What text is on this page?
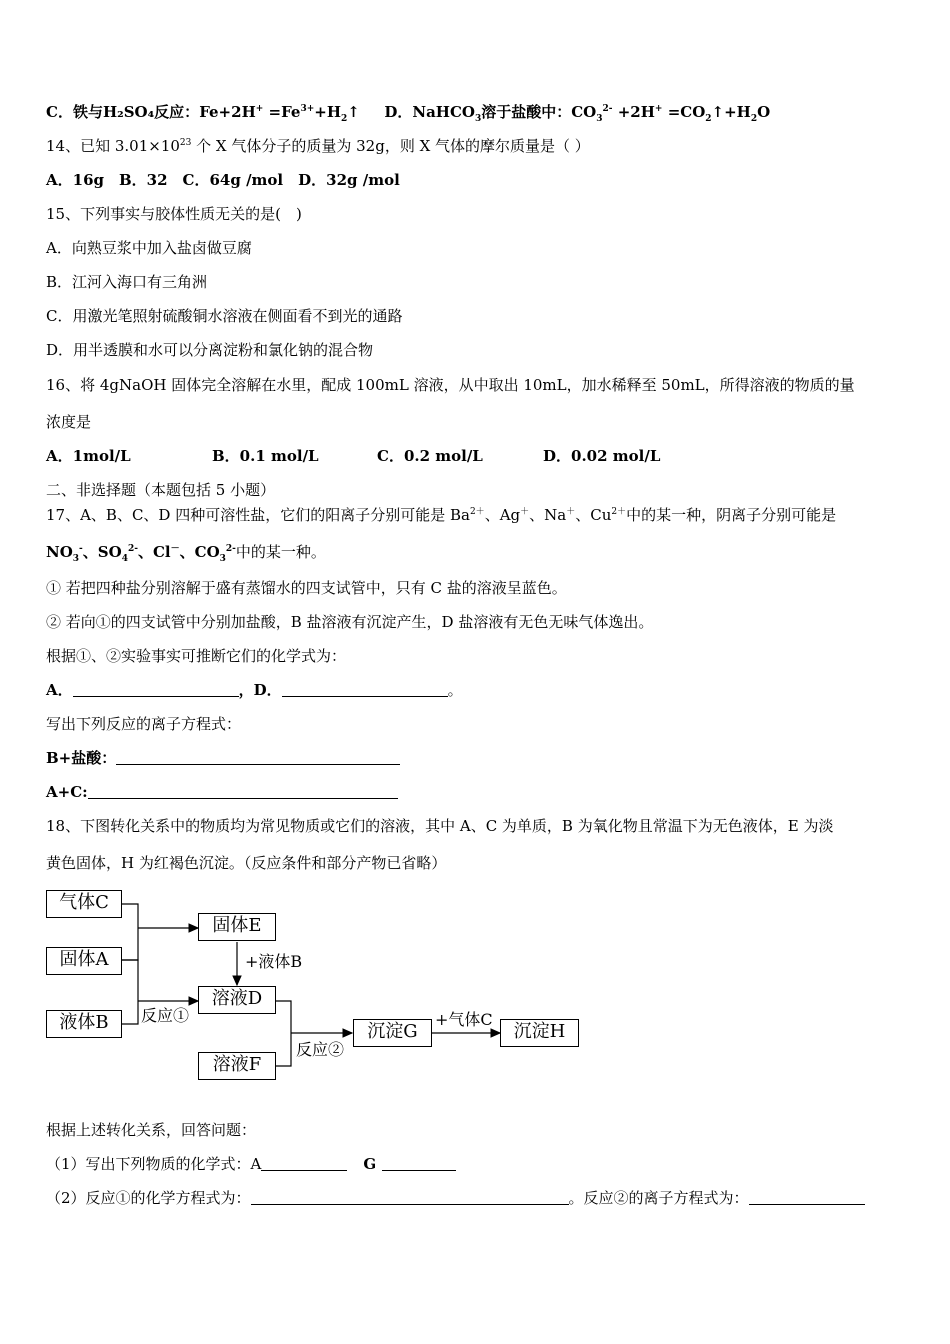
C．铁与H₂SO₄反应：$Fe+2H^+ =Fe^{3+}+H_2↑$ D．NaHCO$_3$溶于盐酸中：$CO_3^{2-} +2H^+$ $=CO_2↑+H_2O$
14、已知 $3.01\times 10^{23}$ 个 X 气体分子的质量为 32g，则 X 气体的摩尔质量是（ ）
A．16g　B．32　C．64g /mol　D．32g /mol
15、下列事实与胶体性质无关的是(　)
A．向熟豆浆中加入盐卤做豆腐
B．江河入海口有三角洲
C．用激光笔照射硫酸铜水溶液在侧面看不到光的通路
D．用半透膜和水可以分离淀粉和氯化钠的混合物
16、将 4gNaOH 固体完全溶解在水里，配成 100mL 溶液，从中取出 10mL，加水稀释至 50mL，所得溶液的物质的量
浓度是
A．1mol/L	B．0.1 mol/L	C．0.2 mol/L	D．0.02 mol/L
二、非选择题（本题包括 5 小题）
17、A、B、C、D 四种可溶性盐，它们的阳离子分别可能是 $Ba^{2+}$、Ag＋、Na＋、$Cu^{2+}$中的某一种，阴离子分别可能是
$NO_3^-$、$SO_4^{2-}$、Cl－、$CO_3^{2-}$中的某一种。
① 若把四种盐分别溶解于盛有蒸馏水的四支试管中，只有 C 盐的溶液呈蓝色。
② 若向①的四支试管中分别加盐酸，B 盐溶液有沉淀产生，D 盐溶液有无色无味气体逸出。
根据①、②实验事实可推断它们的化学式为：
A．	，D．	。
写出下列反应的离子方程式：
B+盐酸：
A+C:
18、下图转化关系中的物质均为常见物质或它们的溶液，其中 A、C 为单质，B 为氧化物且常温下为无色液体，E 为淡
黄色固体，H 为红褐色沉淀。（反应条件和部分产物已省略）
气体C
固体A
液体B
固体E
溶液D
溶液F
沉淀G	沉淀H
+液体B
+气体C
反应①
反应②
根据上述转化关系，回答问题：
（1）写出下列物质的化学式：A	G
（2）反应①的化学方程式为：	。反应②的离子方程式为：
